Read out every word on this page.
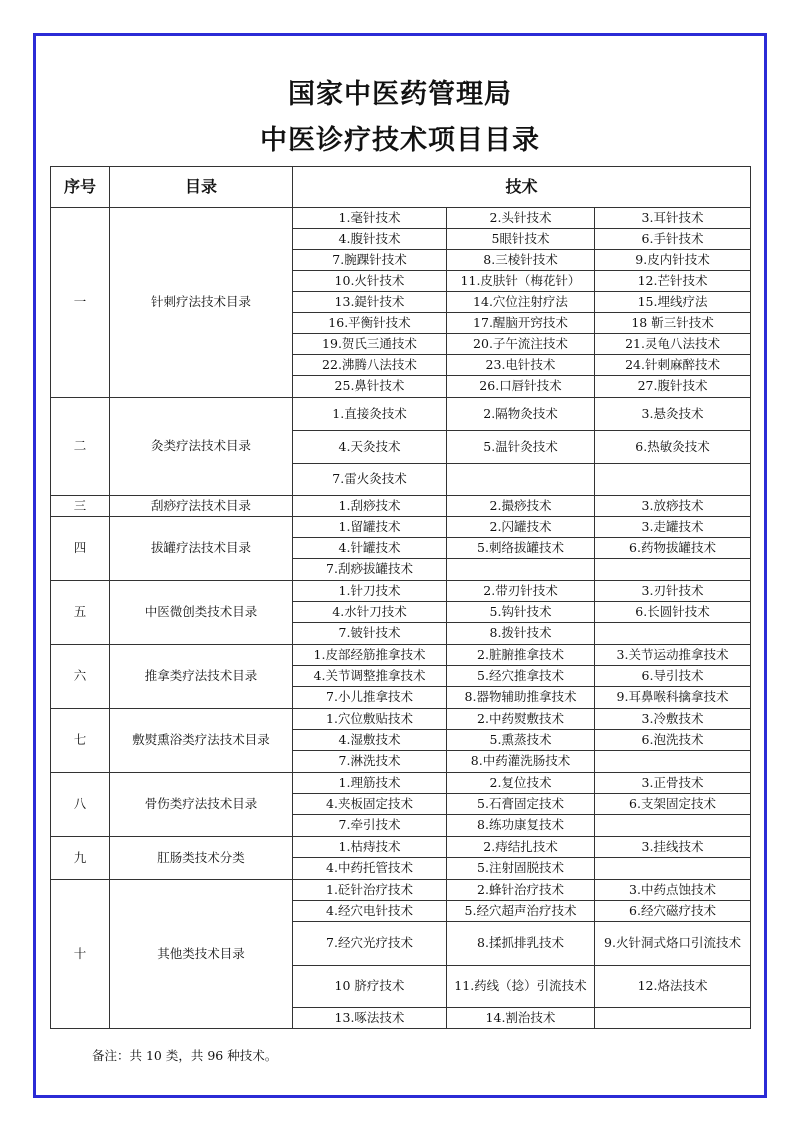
国家中医药管理局
中医诊疗技术项目目录
序号	目录	技术		
一	针刺疗法技术目录	1.毫针技术	2.头针技术	3.耳针技术
		4.腹针技术	5眼针技术	6.手针技术
		7.腕踝针技术	8.三棱针技术	9.皮内针技术
		10.火针技术	11.皮肤针（梅花针）	12.芒针技术
		13.鍉针技术	14.穴位注射疗法	15.埋线疗法
		16.平衡针技术	17.醒脑开窍技术	18 靳三针技术
		19.贺氏三通技术	20.子午流注技术	21.灵龟八法技术
		22.沸腾八法技术	23.电针技术	24.针刺麻醉技术
		25.鼻针技术	26.口唇针技术	27.腹针技术
二	灸类疗法技术目录	1.直接灸技术	2.隔物灸技术	3.悬灸技术
		4.天灸技术	5.温针灸技术	6.热敏灸技术
		7.雷火灸技术		
三	刮痧疗法技术目录	1.刮痧技术	2.撮痧技术	3.放痧技术
四	拔罐疗法技术目录	1.留罐技术	2.闪罐技术	3.走罐技术
		4.针罐技术	5.刺络拔罐技术	6.药物拔罐技术
		7.刮痧拔罐技术		
五	中医微创类技术目录	1.针刀技术	2.带刃针技术	3.刃针技术
		4.水针刀技术	5.钩针技术	6.长圆针技术
		7.铍针技术	8.拨针技术	
六	推拿类疗法技术目录	1.皮部经筋推拿技术	2.脏腑推拿技术	3.关节运动推拿技术
		4.关节调整推拿技术	5.经穴推拿技术	6.导引技术
		7.小儿推拿技术	8.器物辅助推拿技术	9.耳鼻喉科擒拿技术
七	敷熨熏浴类疗法技术目录	1.穴位敷贴技术	2.中药熨敷技术	3.冷敷技术
		4.湿敷技术	5.熏蒸技术	6.泡洗技术
		7.淋洗技术	8.中药灌洗肠技术	
八	骨伤类疗法技术目录	1.理筋技术	2.复位技术	3.正骨技术
		4.夹板固定技术	5.石膏固定技术	6.支架固定技术
		7.牵引技术	8.练功康复技术	
九	肛肠类技术分类	1.枯痔技术	2.痔结扎技术	3.挂线技术
		4.中药托管技术	5.注射固脱技术	
十	其他类技术目录	1.砭针治疗技术	2.蜂针治疗技术	3.中药点蚀技术
		4.经穴电针技术	5.经穴超声治疗技术	6.经穴磁疗技术
		7.经穴光疗技术	8.揉抓排乳技术	9.火针洞式烙口引流技术
		10 脐疗技术	11.药线（捻）引流技术	12.烙法技术
		13.啄法技术	14.割治技术	
备注：共 10 类，共 96 种技术。
